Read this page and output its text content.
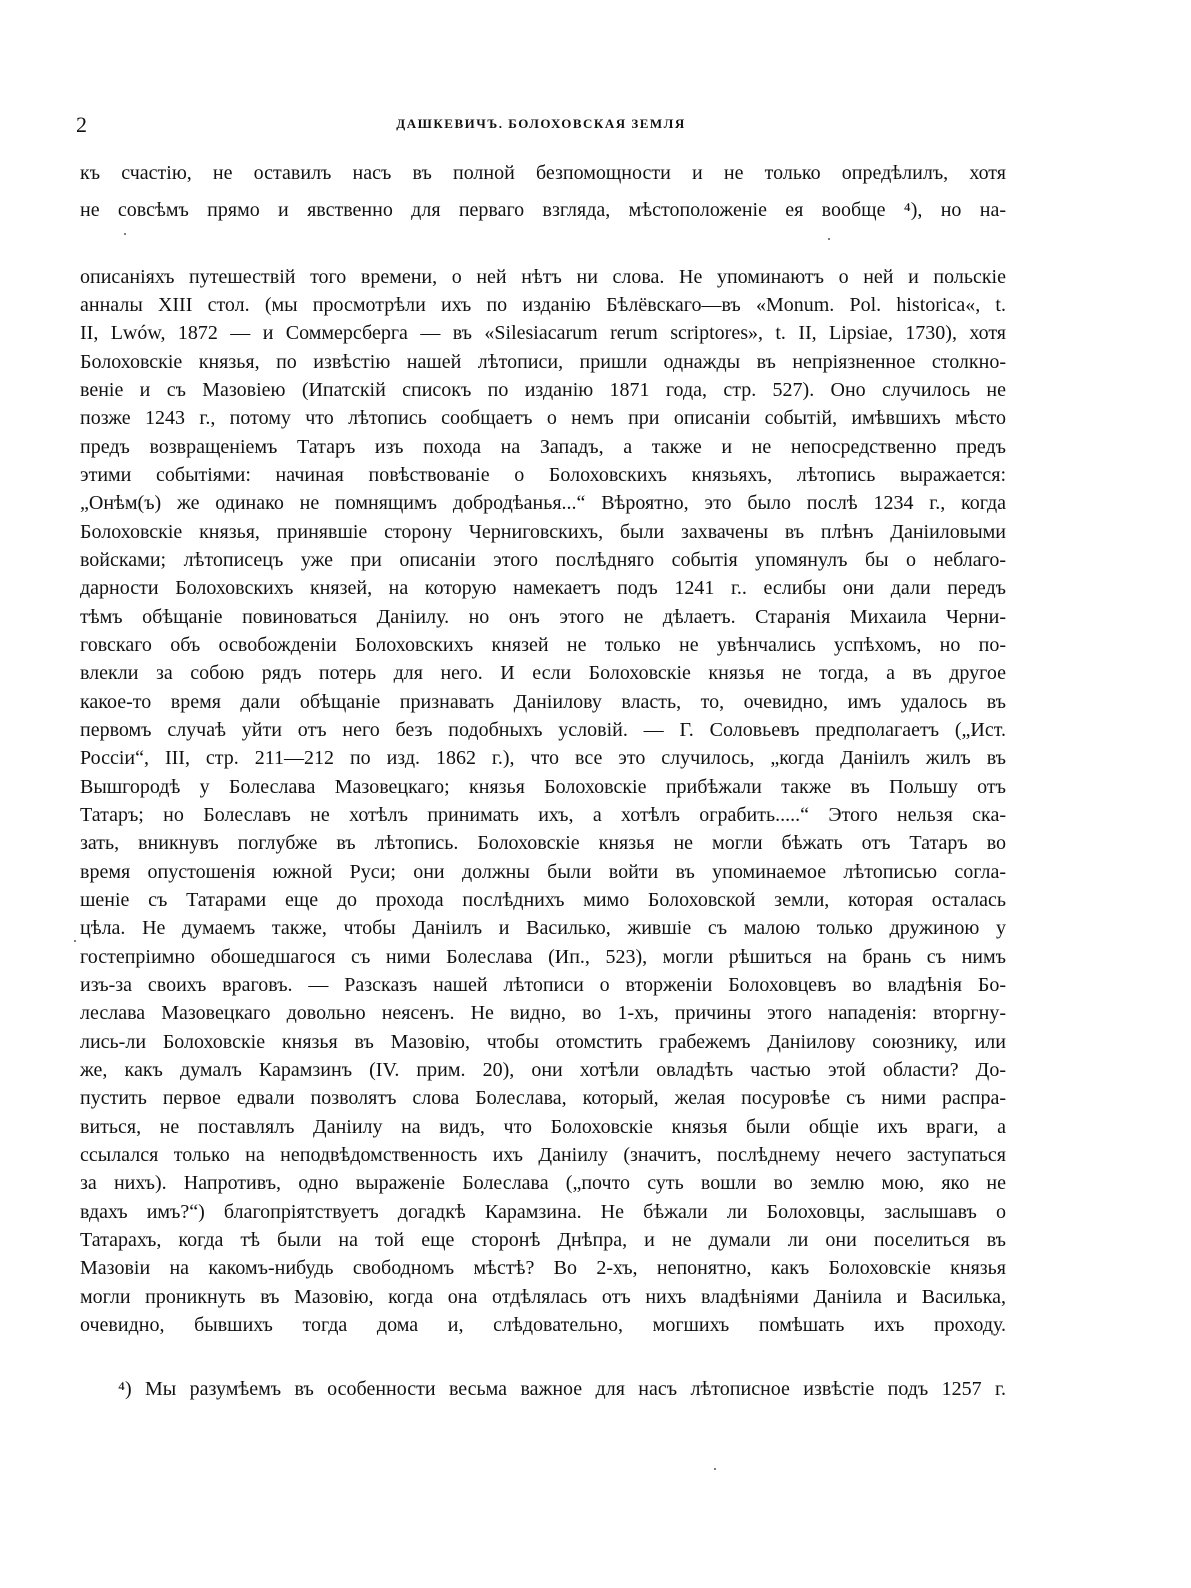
2	ДАШКЕВИЧЪ. БОЛОХОВСКАЯ ЗЕМЛЯ
къ счастію, не оставилъ насъ въ полной безпомощности и не только опредѣлилъ, хотя
не совсѣмъ прямо и явственно для перваго взгляда, мѣстоположеніе ея вообще ⁴), но на-
описаніяхъ путешествій того времени, о ней нѣтъ ни слова. Не упоминаютъ о ней и польскіе
анналы XIII стол. (мы просмотрѣли ихъ по изданію Бѣлёвскаго—въ «Monum. Pol. historica«, t.
II, Lwów, 1872 — и Соммерсберга — въ «Silesiacarum rerum scriptores», t. II, Lipsiae, 1730), хотя
Болоховскіе князья, по извѣстію нашей лѣтописи, пришли однажды въ непріязненное столкно-
веніе и съ Мазовіею (Ипатскій списокъ по изданію 1871 года, стр. 527). Оно случилось не
позже 1243 г., потому что лѣтопись сообщаетъ о немъ при описаніи событій, имѣвшихъ мѣсто
предъ возвращеніемъ Татаръ изъ похода на Западъ, а также и не непосредственно предъ
этими событіями: начиная повѣствованіе о Болоховскихъ князьяхъ, лѣтопись выражается:
„Онѣм(ъ) же одинако не помнящимъ добродѣанья...“ Вѣроятно, это было послѣ 1234 г., когда
Болоховскіе князья, принявшіе сторону Черниговскихъ, были захвачены въ плѣнъ Даніиловыми
войсками; лѣтописецъ уже при описаніи этого послѣдняго событія упомянулъ бы о неблаго-
дарности Болоховскихъ князей, на которую намекаетъ подъ 1241 г.. еслибы они дали передъ
тѣмъ обѣщаніе повиноваться Даніилу. но онъ этого не дѣлаетъ. Старанія Михаила Черни-
говскаго объ освобожденіи Болоховскихъ князей не только не увѣнчались успѣхомъ, но по-
влекли за собою рядъ потерь для него. И если Болоховскіе князья не тогда, а въ другое
какое-то время дали обѣщаніе признавать Даніилову власть, то, очевидно, имъ удалось въ
первомъ случаѣ уйти отъ него безъ подобныхъ условій. — Г. Соловьевъ предполагаетъ („Ист.
Россіи“, III, стр. 211—212 по изд. 1862 г.), что все это случилось, „когда Даніилъ жилъ въ
Вышгородѣ у Болеслава Мазовецкаго; князья Болоховскіе прибѣжали также въ Польшу отъ
Татаръ; но Болеславъ не хотѣлъ принимать ихъ, а хотѣлъ ограбить.....“ Этого нельзя ска-
зать, вникнувъ поглубже въ лѣтопись. Болоховскіе князья не могли бѣжать отъ Татаръ во
время опустошенія южной Руси; они должны были войти въ упоминаемое лѣтописью согла-
шеніе съ Татарами еще до прохода послѣднихъ мимо Болоховской земли, которая осталась
цѣла. Не думаемъ также, чтобы Даніилъ и Василько, жившіе съ малою только дружиною у
гостепріимно обошедшагося съ ними Болеслава (Ип., 523), могли рѣшиться на брань съ нимъ
изъ-за своихъ враговъ. — Разсказъ нашей лѣтописи о вторженіи Болоховцевъ во владѣнія Бо-
леслава Мазовецкаго довольно неясенъ. Не видно, во 1-хъ, причины этого нападенія: вторгну-
лись-ли Болоховскіе князья въ Мазовію, чтобы отомстить грабежемъ Даніилову союзнику, или
же, какъ думалъ Карамзинъ (IV. прим. 20), они хотѣли овладѣть частью этой области? До-
пустить первое едвали позволятъ слова Болеслава, который, желая посуровѣе съ ними распра-
виться, не поставлялъ Даніилу на видъ, что Болоховскіе князья были общіе ихъ враги, а
ссылался только на неподвѣдомственность ихъ Даніилу (значитъ, послѣднему нечего заступаться
за нихъ). Напротивъ, одно выраженіе Болеслава („почто суть вошли во землю мою, яко не
вдахъ имъ?“) благопріятствуетъ догадкѣ Карамзина. Не бѣжали ли Болоховцы, заслышавъ о
Татарахъ, когда тѣ были на той еще сторонѣ Днѣпра, и не думали ли они поселиться въ
Мазовіи на какомъ-нибудь свободномъ мѣстѣ? Во 2-хъ, непонятно, какъ Болоховскіе князья
могли проникнуть въ Мазовію, когда она отдѣлялась отъ нихъ владѣніями Даніила и Василька,
очевидно, бывшихъ тогда дома и, слѣдовательно, могшихъ помѣшать ихъ проходу.
⁴) Мы разумѣемъ въ особенности весьма важное для насъ лѣтописное извѣстіе подъ 1257 г.
